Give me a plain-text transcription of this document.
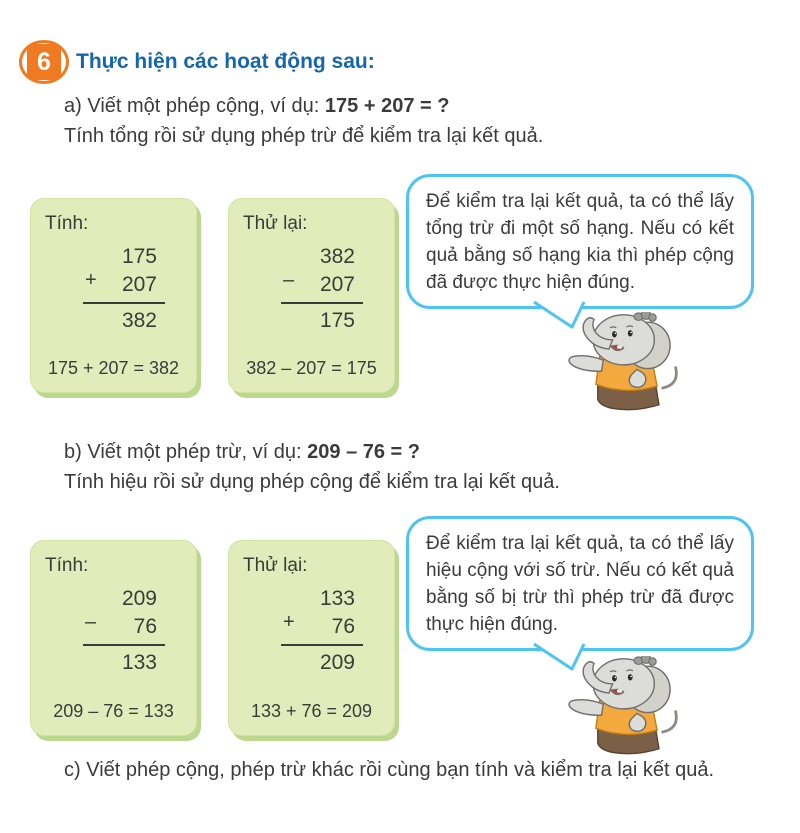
6	Thực hiện các hoạt động sau:
a) Viết một phép cộng, ví dụ: 175 + 207 = ?
Tính tổng rồi sử dụng phép trừ để kiểm tra lại kết quả.
Tính:
+
175
207
382
175 + 207 = 382
Thử lại:
–
382
207
175
382 – 207 = 175
Để kiểm tra lại kết quả, ta có thể lấy tổng trừ đi một số hạng. Nếu có kết quả bằng số hạng kia thì phép cộng đã được thực hiện đúng.
b) Viết một phép trừ, ví dụ: 209 – 76 = ?
Tính hiệu rồi sử dụng phép cộng để kiểm tra lại kết quả.
Tính:
–
209
76
133
209 – 76 = 133
Thử lại:
+
133
76
209
133 + 76 = 209
Để kiểm tra lại kết quả, ta có thể lấy hiệu cộng với số trừ. Nếu có kết quả bằng số bị trừ thì phép trừ đã được thực hiện đúng.
c) Viết phép cộng, phép trừ khác rồi cùng bạn tính và kiểm tra lại kết quả.
